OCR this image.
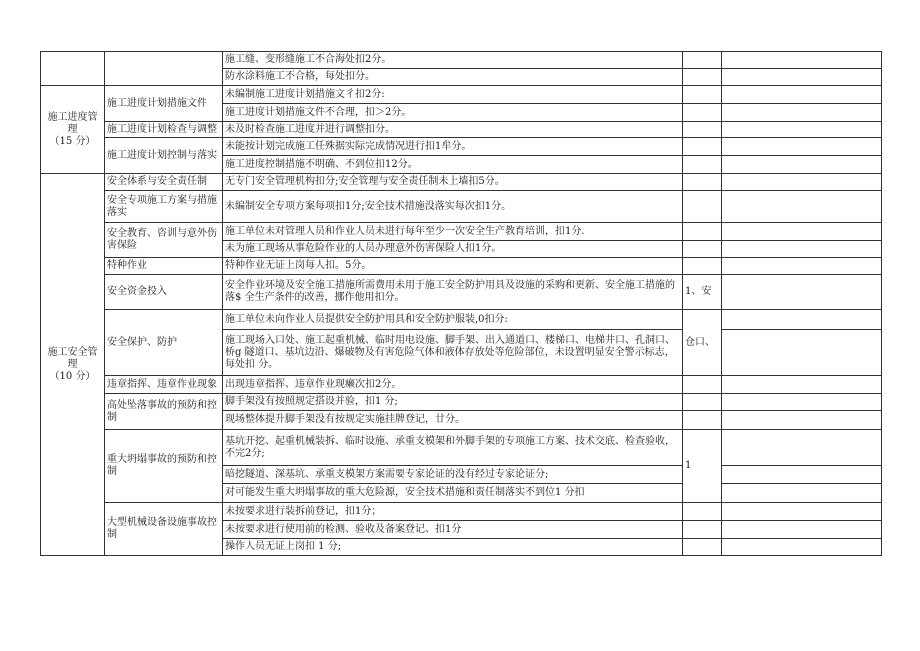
		施工缝、变形缝施工不合海处扣2分。		
		防水涂料施工不合格，每处扣分。		

施工进度管 理
（15 分）	施工进度计划措施文件	未编制施工进度计划措施文彳扣2分:		
		施工进度计划措施文件不合理，扣＞2分。		
	施工进度计划检查与调整	未及时检查施工进度并进行调整扣分。		
	施工进度计划控制与落实	未能按计划完成施工任殊据实际完成情况进行扣1牟分。		
		施工进度控制措施不明确、不到位扣12分。		

施工安全管 理
（10 分）	安全体系与安全责任制	无专门安全管理机构扣分;安全管理与安全责任制未上墙扣5分。		
	安全专项施工方案与措施落实	未编制安全专项方案每项扣1分;安全技术措施没落实每次扣1分。		
	安全教育、咨训与意外伤害保险	施工单位未对管理人员和作业人员未进行每年至少一次安全生产教育培训，扣1分.		
		未为施工现场从事危险作业的人员办理意外伤害保险人扣1分。		
	特种作业	特种作业无证上岗每人扣。5分。		
	安全资金投入	安全作业环境及安全施工措施所需费用未用于施工安全防护用具及设施的采购和更新、安全施工措施的落$ 全生产条件的改善，挪作他用扣分。	1、安	
	安全保护、防护	施工单位未向作业人员提供安全防护用具和安全防护服装,0扣分:	仓口、	
		施工现场入口处、施工起重机械、临时用电设施、脚手架、出入通道口、楼梯口、电梯井口、孔洞口、桥g 隧道口、基坑边沿、爆破物及有害危险气体和液体存放处等危险部位，未设置明显安全警示标志，每处扣 分。		
	违章指挥、违章作业现象	出现违章指挥、违章作业现癞次扣2分。		
	高处坠落事故的预防和控制	脚手架没有按照规定搭设并验，扣1 分;		
		现场整体提升脚手架没有按规定实施挂牌登记，廿分。		
	重大坍塌事故的预防和控制	基坑开挖、起重机械装拆、临时设施、承重支模架和外脚手架的专项施工方案、技术交底、检查验收，不完2分;	1	
		暗挖隧道、深基坑、承重支模架方案需要专家论证的没有经过专家论证分;		
		对可能发生重大坍塌事故的重大危险源，安全技术措施和责任制落实不到位1 分扣		
	大型机械设备设施事故控制	未按要求进行装拆前登记，扣1分；		
		未按要求进行使用前的检测、验收及备案登记、扣1分		
		操作人员无证上岗扣 1 分;		
